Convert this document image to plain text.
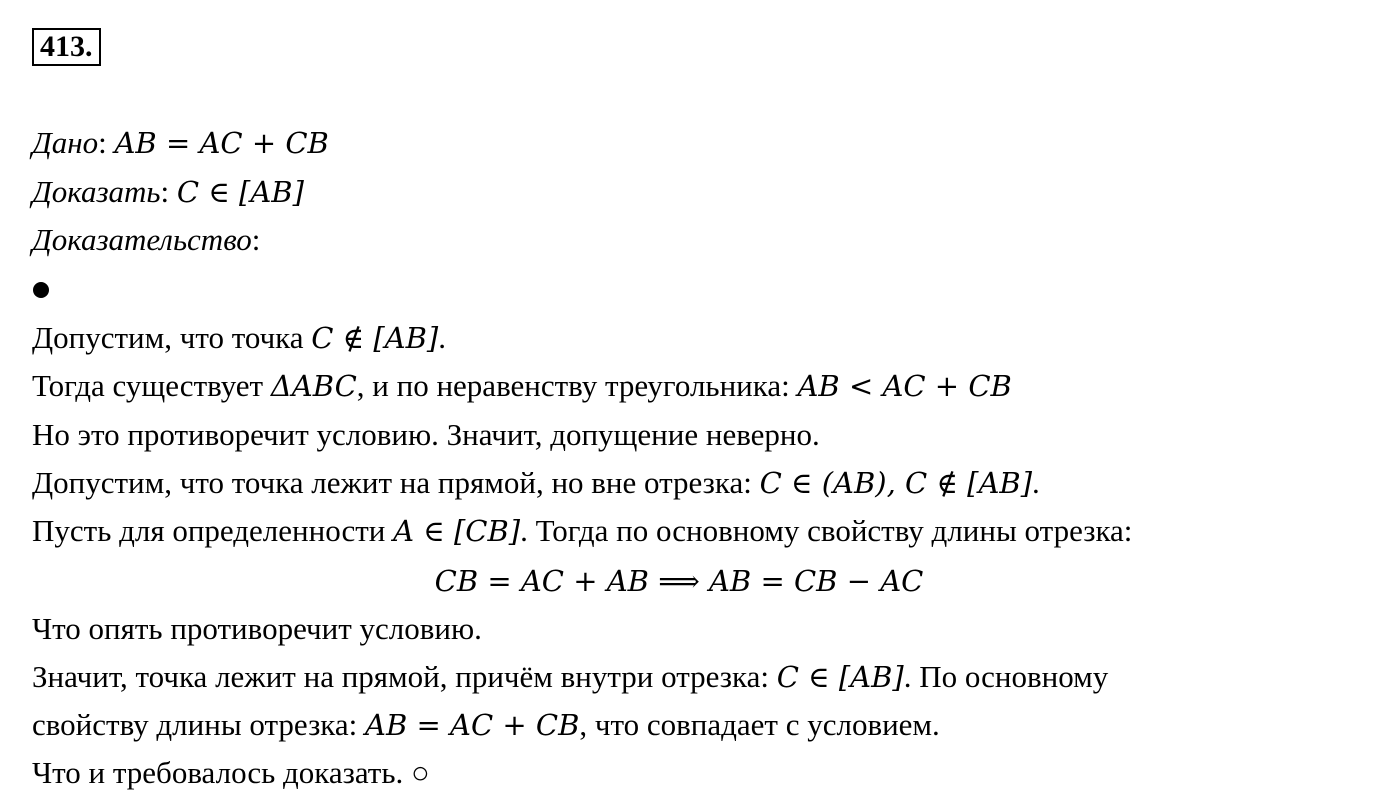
413.
Дано: AB = AC + CB
Доказать: C ∈ [AB]
Доказательство:
Допустим, что точка C ∉ [AB].
Тогда существует ΔABC, и по неравенству треугольника: AB < AC + CB
Но это противоречит условию. Значит, допущение неверно.
Допустим, что точка лежит на прямой, но вне отрезка: C ∈ (AB), C ∉ [AB].
Пусть для определенности A ∈ [CB]. Тогда по основному свойству длины отрезка:
CB = AC + AB ⟹ AB = CB − AC
Что опять противоречит условию.
Значит, точка лежит на прямой, причём внутри отрезка: C ∈ [AB]. По основному
свойству длины отрезка: AB = AC + CB, что совпадает с условием.
Что и требовалось доказать. ○
